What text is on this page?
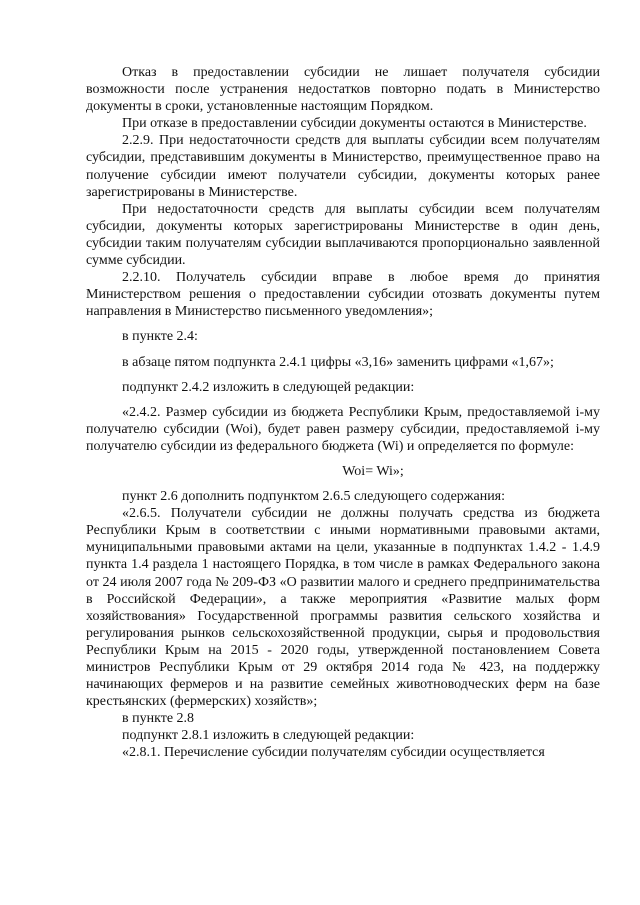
Отказ в предоставлении субсидии не лишает получателя субсидии возможности после устранения недостатков повторно подать в Министерство документы в сроки, установленные настоящим Порядком.

При отказе в предоставлении субсидии документы остаются в Министерстве.

2.2.9. При недостаточности средств для выплаты субсидии всем получателям субсидии, представившим документы в Министерство, преимущественное право на получение субсидии имеют получатели субсидии, документы которых ранее зарегистрированы в Министерстве.

При недостаточности средств для выплаты субсидии всем получателям субсидии, документы которых зарегистрированы Министерстве в один день, субсидии таким получателям субсидии выплачиваются пропорционально заявленной сумме субсидии.

2.2.10. Получатель субсидии вправе в любое время до принятия Министерством решения о предоставлении субсидии отозвать документы путем направления в Министерство письменного уведомления»;

в пункте 2.4:

в абзаце пятом подпункта 2.4.1 цифры «3,16» заменить цифрами «1,67»;

подпункт 2.4.2 изложить в следующей редакции:

«2.4.2. Размер субсидии из бюджета Республики Крым, предоставляемой i-му получателю субсидии (Woi), будет равен размеру субсидии, предоставляемой i-му получателю субсидии из федерального бюджета (Wi) и определяется по формуле:

Woi= Wi»;

пункт 2.6 дополнить подпунктом 2.6.5 следующего содержания:

«2.6.5. Получатели субсидии не должны получать средства из бюджета Республики Крым в соответствии с иными нормативными правовыми актами, муниципальными правовыми актами на цели, указанные в подпунктах 1.4.2 - 1.4.9 пункта 1.4 раздела 1 настоящего Порядка, в том числе в рамках Федерального закона от 24 июля 2007 года № 209-ФЗ «О развитии малого и среднего предпринимательства в Российской Федерации», а также мероприятия «Развитие малых форм хозяйствования» Государственной программы развития сельского хозяйства и регулирования рынков сельскохозяйственной продукции, сырья и продовольствия Республики Крым на 2015 - 2020 годы, утвержденной постановлением Совета министров Республики Крым от 29 октября 2014 года № 423, на поддержку начинающих фермеров и на развитие семейных животноводческих ферм на базе крестьянских (фермерских) хозяйств»;

в пункте 2.8

подпункт 2.8.1 изложить в следующей редакции:

«2.8.1. Перечисление субсидии получателям субсидии осуществляется
